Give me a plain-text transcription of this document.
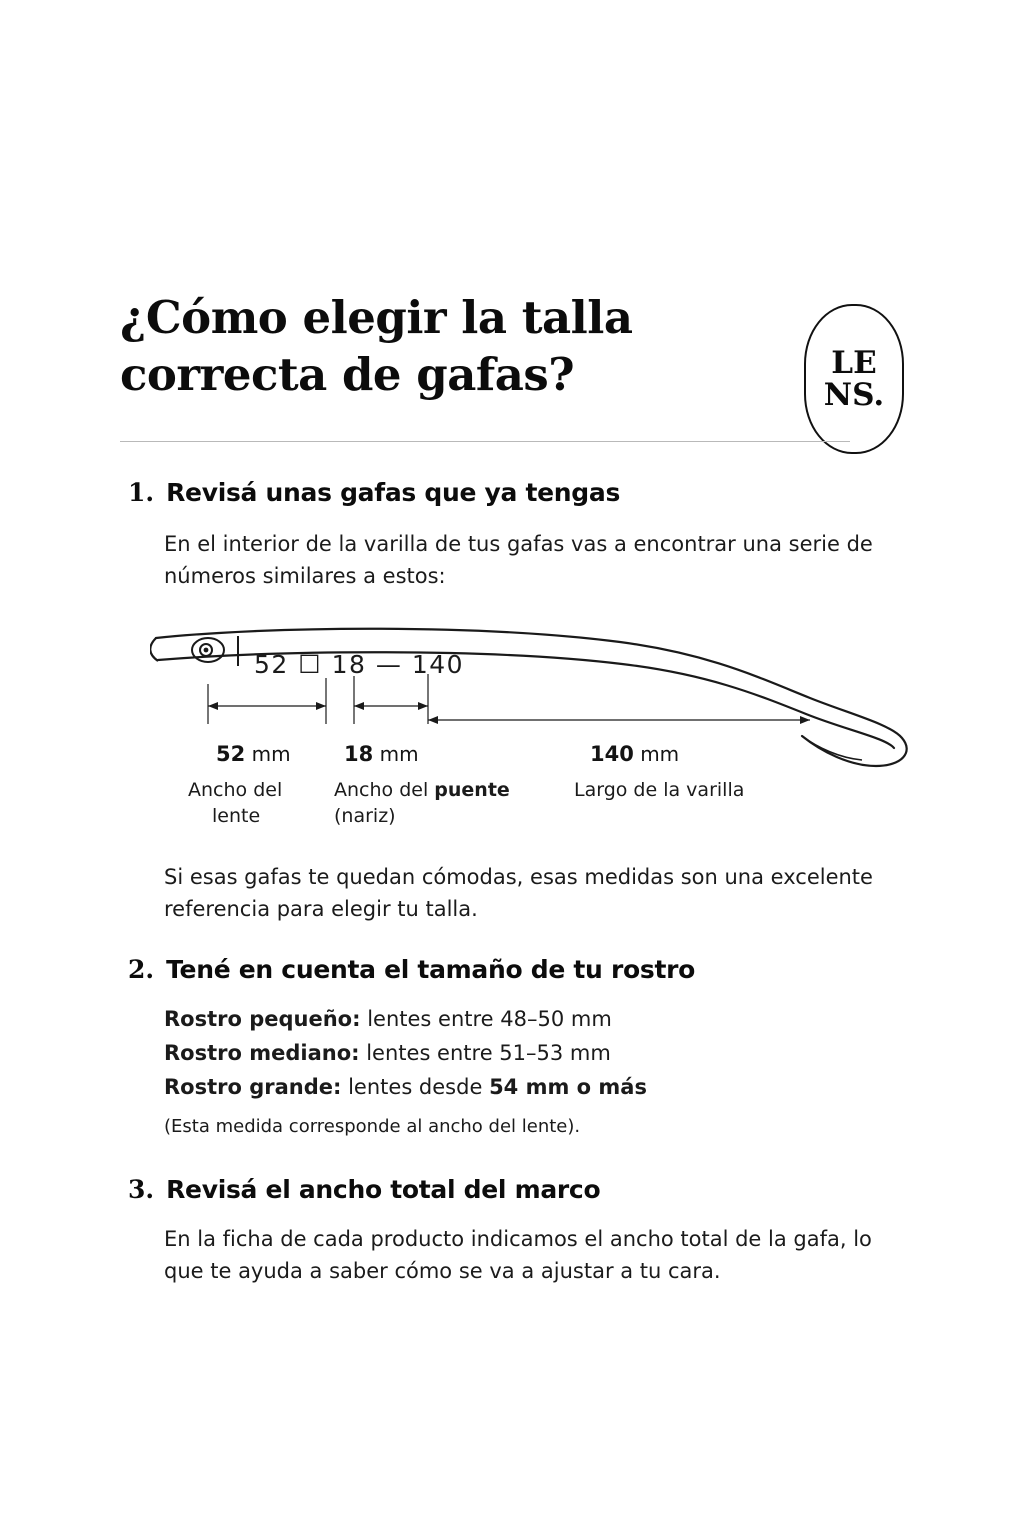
¿Cómo elegir la talla correcta de gafas?	LE
NS.
1. Revisá unas gafas que ya tengas
En el interior de la varilla de tus gafas vas a encontrar una serie de números similares a estos:
52 ☐ 18 — 140
52 mm
Ancho del
lente
18 mm
Ancho del puente
(nariz)
140 mm
Largo de la varilla
Si esas gafas te quedan cómodas, esas medidas son una excelente referencia para elegir tu talla.
2. Tené en cuenta el tamaño de tu rostro
Rostro pequeño: lentes entre 48–50 mm
Rostro mediano: lentes entre 51–53 mm
Rostro grande: lentes desde 54 mm o más
(Esta medida corresponde al ancho del lente).
3. Revisá el ancho total del marco
En la ficha de cada producto indicamos el ancho total de la gafa, lo que te ayuda a saber cómo se va a ajustar a tu cara.
